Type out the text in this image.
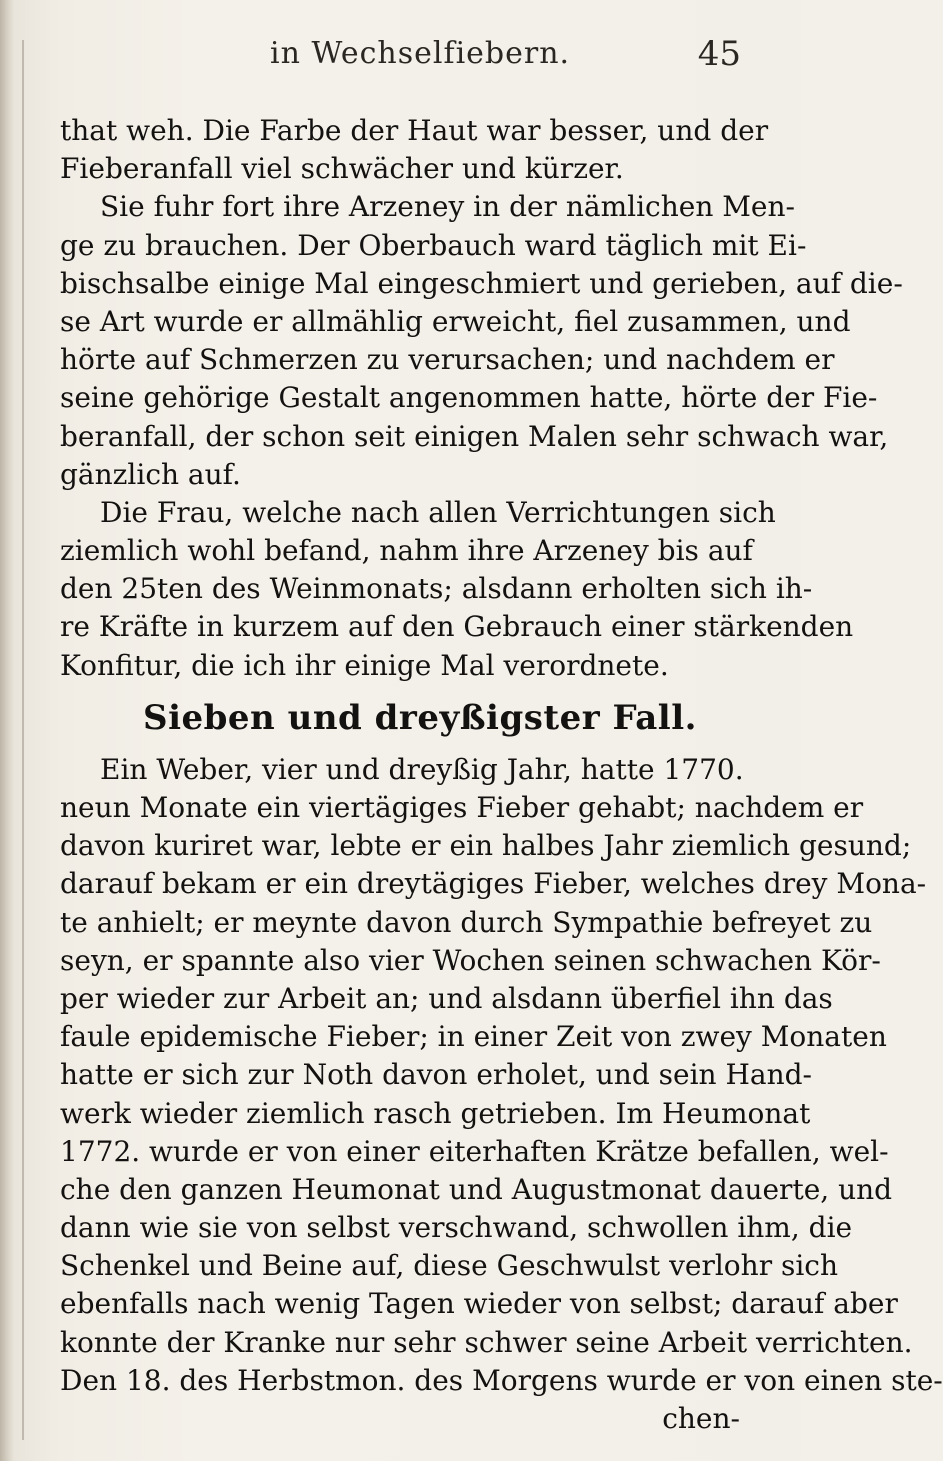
in Wechselfiebern.	45
that weh. Die Farbe der Haut war besser, und der
Fieberanfall viel schwächer und kürzer.
Sie fuhr fort ihre Arzeney in der nämlichen Men-
ge zu brauchen. Der Oberbauch ward täglich mit Ei-
bischsalbe einige Mal eingeschmiert und gerieben, auf die-
se Art wurde er allmählig erweicht, fiel zusammen, und
hörte auf Schmerzen zu verursachen; und nachdem er
seine gehörige Gestalt angenommen hatte, hörte der Fie-
beranfall, der schon seit einigen Malen sehr schwach war,
gänzlich auf.
Die Frau, welche nach allen Verrichtungen sich
ziemlich wohl befand, nahm ihre Arzeney bis auf
den 25ten des Weinmonats; alsdann erholten sich ih-
re Kräfte in kurzem auf den Gebrauch einer stärkenden
Konfitur, die ich ihr einige Mal verordnete.
Sieben und dreyßigster Fall.
Ein Weber, vier und dreyßig Jahr, hatte 1770.
neun Monate ein viertägiges Fieber gehabt; nachdem er
davon kuriret war, lebte er ein halbes Jahr ziemlich gesund;
darauf bekam er ein dreytägiges Fieber, welches drey Mona-
te anhielt; er meynte davon durch Sympathie befreyet zu
seyn, er spannte also vier Wochen seinen schwachen Kör-
per wieder zur Arbeit an; und alsdann überfiel ihn das
faule epidemische Fieber; in einer Zeit von zwey Monaten
hatte er sich zur Noth davon erholet, und sein Hand-
werk wieder ziemlich rasch getrieben. Im Heumonat
1772. wurde er von einer eiterhaften Krätze befallen, wel-
che den ganzen Heumonat und Augustmonat dauerte, und
dann wie sie von selbst verschwand, schwollen ihm, die
Schenkel und Beine auf, diese Geschwulst verlohr sich
ebenfalls nach wenig Tagen wieder von selbst; darauf aber
konnte der Kranke nur sehr schwer seine Arbeit verrichten.
Den 18. des Herbstmon. des Morgens wurde er von einen ste-
chen-
